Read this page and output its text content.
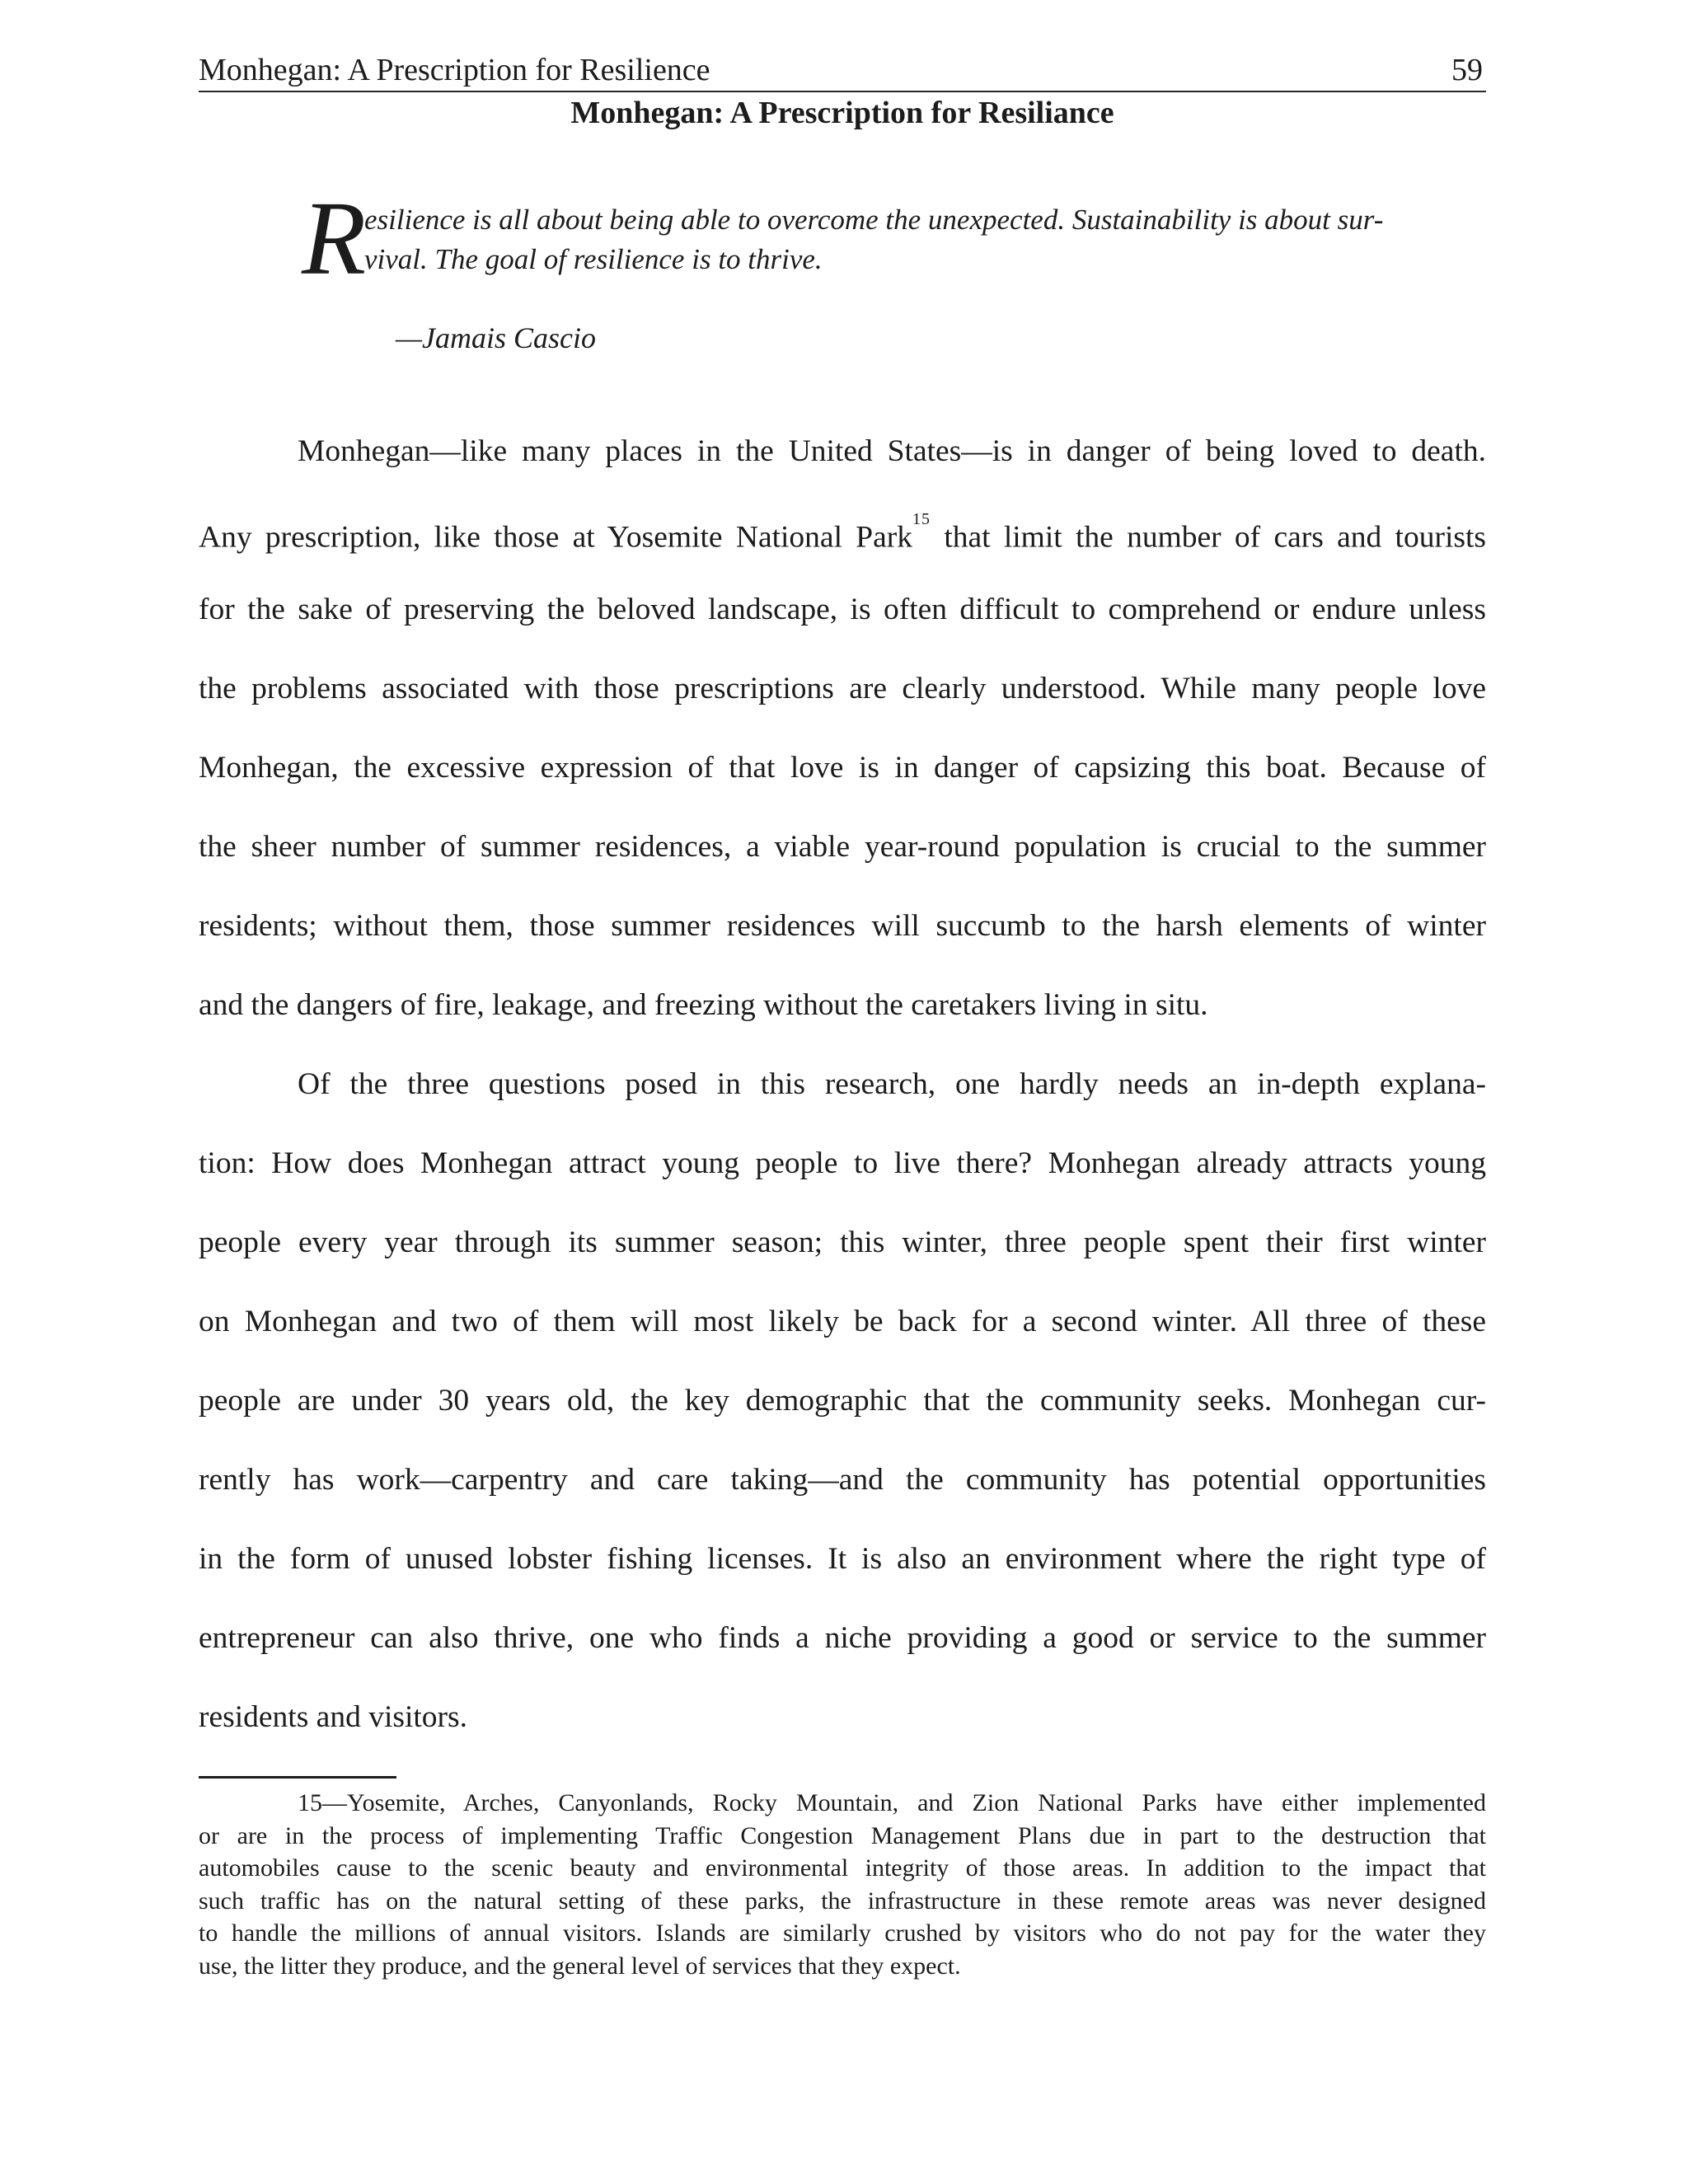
Monhegan: A Prescription for Resilience	59
Monhegan: A Prescription for Resiliance
R
esilience is all about being able to overcome the unexpected. Sustainability is about sur-
vival. The goal of resilience is to thrive.
—Jamais Cascio
Monhegan—like many places in the United States—is in danger of being loved to death.
Any prescription, like those at Yosemite National Park$^{15}$ that limit the number of cars and tourists
for the sake of preserving the beloved landscape, is often difficult to comprehend or endure unless
the problems associated with those prescriptions are clearly understood. While many people love
Monhegan, the excessive expression of that love is in danger of capsizing this boat. Because of
the sheer number of summer residences, a viable year-round population is crucial to the summer
residents; without them, those summer residences will succumb to the harsh elements of winter
and the dangers of fire, leakage, and freezing without the caretakers living in situ.
Of the three questions posed in this research, one hardly needs an in-depth explana-
tion: How does Monhegan attract young people to live there? Monhegan already attracts young
people every year through its summer season; this winter, three people spent their first winter
on Monhegan and two of them will most likely be back for a second winter. All three of these
people are under 30 years old, the key demographic that the community seeks. Monhegan cur-
rently has work—carpentry and care taking—and the community has potential opportunities
in the form of unused lobster fishing licenses. It is also an environment where the right type of
entrepreneur can also thrive, one who finds a niche providing a good or service to the summer
residents and visitors.
15—Yosemite, Arches, Canyonlands, Rocky Mountain, and Zion National Parks have either implemented
or are in the process of implementing Traffic Congestion Management Plans due in part to the destruction that
automobiles cause to the scenic beauty and environmental integrity of those areas. In addition to the impact that
such traffic has on the natural setting of these parks, the infrastructure in these remote areas was never designed
to handle the millions of annual visitors. Islands are similarly crushed by visitors who do not pay for the water they
use, the litter they produce, and the general level of services that they expect.
